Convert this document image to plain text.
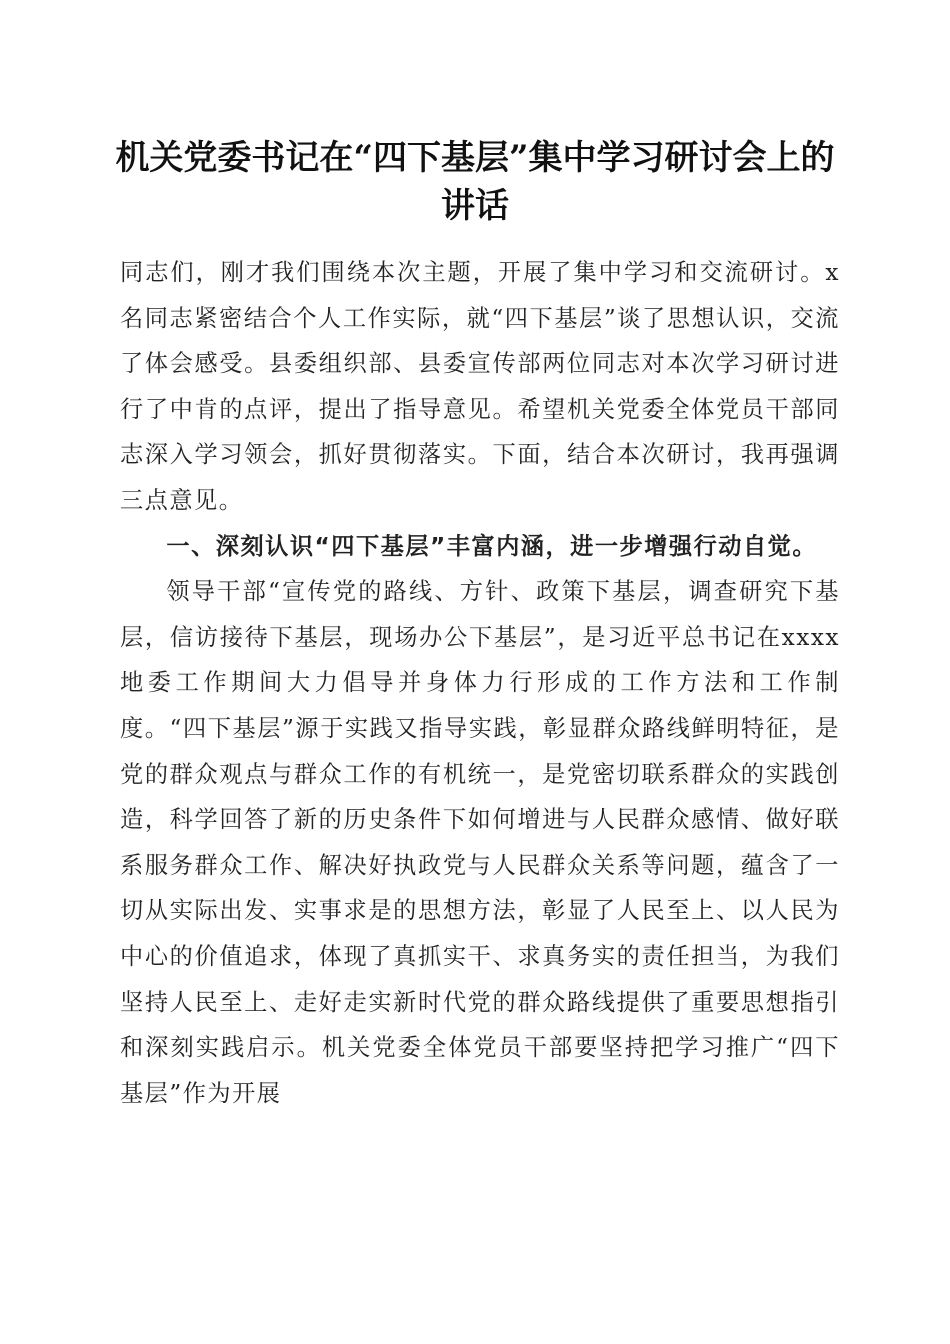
机关党委书记在“四下基层”集中学习研讨会上的讲话

同志们，刚才我们围绕本次主题，开展了集中学习和交流研讨。x名同志紧密结合个人工作实际，就“四下基层”谈了思想认识，交流了体会感受。县委组织部、县委宣传部两位同志对本次学习研讨进行了中肯的点评，提出了指导意见。希望机关党委全体党员干部同志深入学习领会，抓好贯彻落实。下面，结合本次研讨，我再强调三点意见。

一、深刻认识“四下基层”丰富内涵，进一步增强行动自觉。

领导干部“宣传党的路线、方针、政策下基层，调查研究下基层，信访接待下基层，现场办公下基层”，是习近平总书记在xxxx地委工作期间大力倡导并身体力行形成的工作方法和工作制度。“四下基层”源于实践又指导实践，彰显群众路线鲜明特征，是党的群众观点与群众工作的有机统一，是党密切联系群众的实践创造，科学回答了新的历史条件下如何增进与人民群众感情、做好联系服务群众工作、解决好执政党与人民群众关系等问题，蕴含了一切从实际出发、实事求是的思想方法，彰显了人民至上、以人民为中心的价值追求，体现了真抓实干、求真务实的责任担当，为我们坚持人民至上、走好走实新时代党的群众路线提供了重要思想指引和深刻实践启示。机关党委全体党员干部要坚持把学习推广“四下基层”作为开展
